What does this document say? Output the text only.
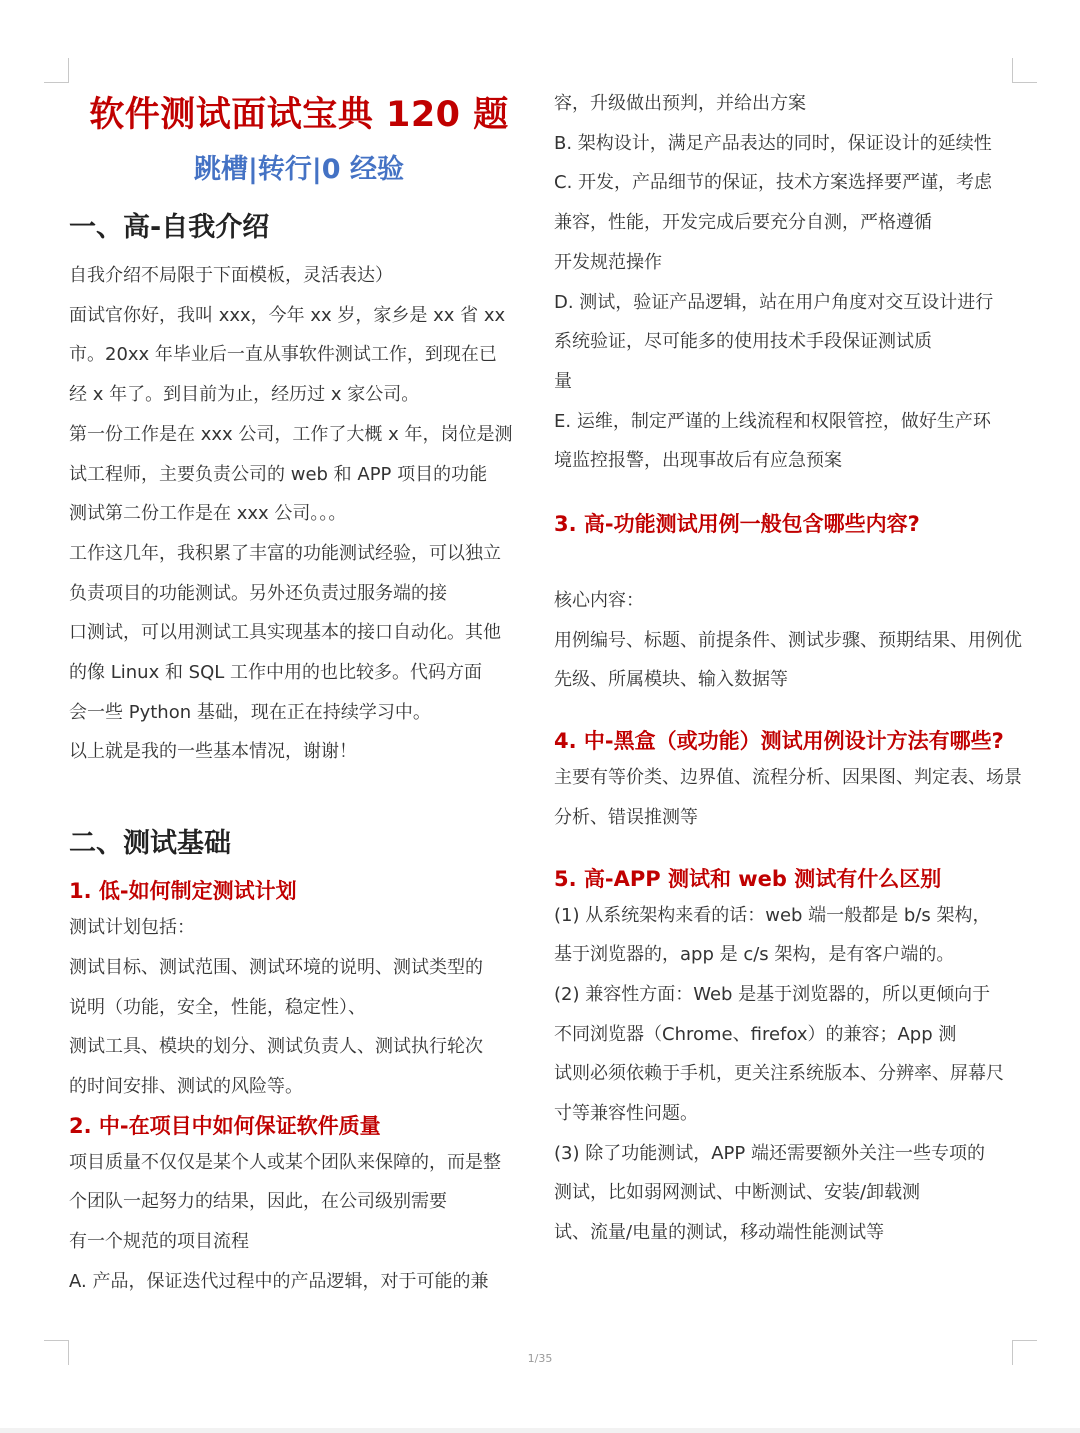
软件测试面试宝典 120 题
跳槽|转行|0 经验
一、高-自我介绍

自我介绍不局限于下面模板，灵活表达）

面试官你好，我叫 xxx，今年 xx 岁，家乡是 xx 省 xx

市。20xx 年毕业后一直从事软件测试工作，到现在已

经 x 年了。到目前为止，经历过 x 家公司。

第一份工作是在 xxx 公司，工作了大概 x 年，岗位是测

试工程师，主要负责公司的 web 和 APP 项目的功能

测试第二份工作是在 xxx 公司。。。

工作这几年，我积累了丰富的功能测试经验，可以独立

负责项目的功能测试。另外还负责过服务端的接

口测试，可以用测试工具实现基本的接口自动化。其他

的像 Linux 和 SQL 工作中用的也比较多。代码方面

会一些 Python 基础，现在正在持续学习中。

以上就是我的一些基本情况，谢谢！

二、测试基础
1. 低-如何制定测试计划

测试计划包括：

测试目标、测试范围、测试环境的说明、测试类型的

说明（功能，安全，性能，稳定性）、

测试工具、模块的划分、测试负责人、测试执行轮次

的时间安排、测试的风险等。

2. 中-在项目中如何保证软件质量

项目质量不仅仅是某个人或某个团队来保障的，而是整

个团队一起努力的结果，因此，在公司级别需要

有一个规范的项目流程

A. 产品，保证迭代过程中的产品逻辑，对于可能的兼

容，升级做出预判，并给出方案

B. 架构设计，满足产品表达的同时，保证设计的延续性

C. 开发，产品细节的保证，技术方案选择要严谨，考虑

兼容，性能，开发完成后要充分自测，严格遵循

开发规范操作

D. 测试，验证产品逻辑，站在用户角度对交互设计进行

系统验证，尽可能多的使用技术手段保证测试质

量

E. 运维，制定严谨的上线流程和权限管控，做好生产环

境监控报警，出现事故后有应急预案

3. 高-功能测试用例一般包含哪些内容?

核心内容：

用例编号、标题、前提条件、测试步骤、预期结果、用例优

先级、所属模块、输入数据等

4. 中-黑盒（或功能）测试用例设计方法有哪些?

主要有等价类、边界值、流程分析、因果图、判定表、场景

分析、错误推测等

5. 高-APP 测试和 web 测试有什么区别

(1) 从系统架构来看的话：web 端一般都是 b/s 架构，

基于浏览器的，app 是 c/s 架构，是有客户端的。

(2) 兼容性方面：Web 是基于浏览器的，所以更倾向于

不同浏览器（Chrome、firefox）的兼容；App 测

试则必须依赖于手机，更关注系统版本、分辨率、屏幕尺

寸等兼容性问题。

(3) 除了功能测试，APP 端还需要额外关注一些专项的

测试，比如弱网测试、中断测试、安装/卸载测

试、流量/电量的测试，移动端性能测试等

1/35
